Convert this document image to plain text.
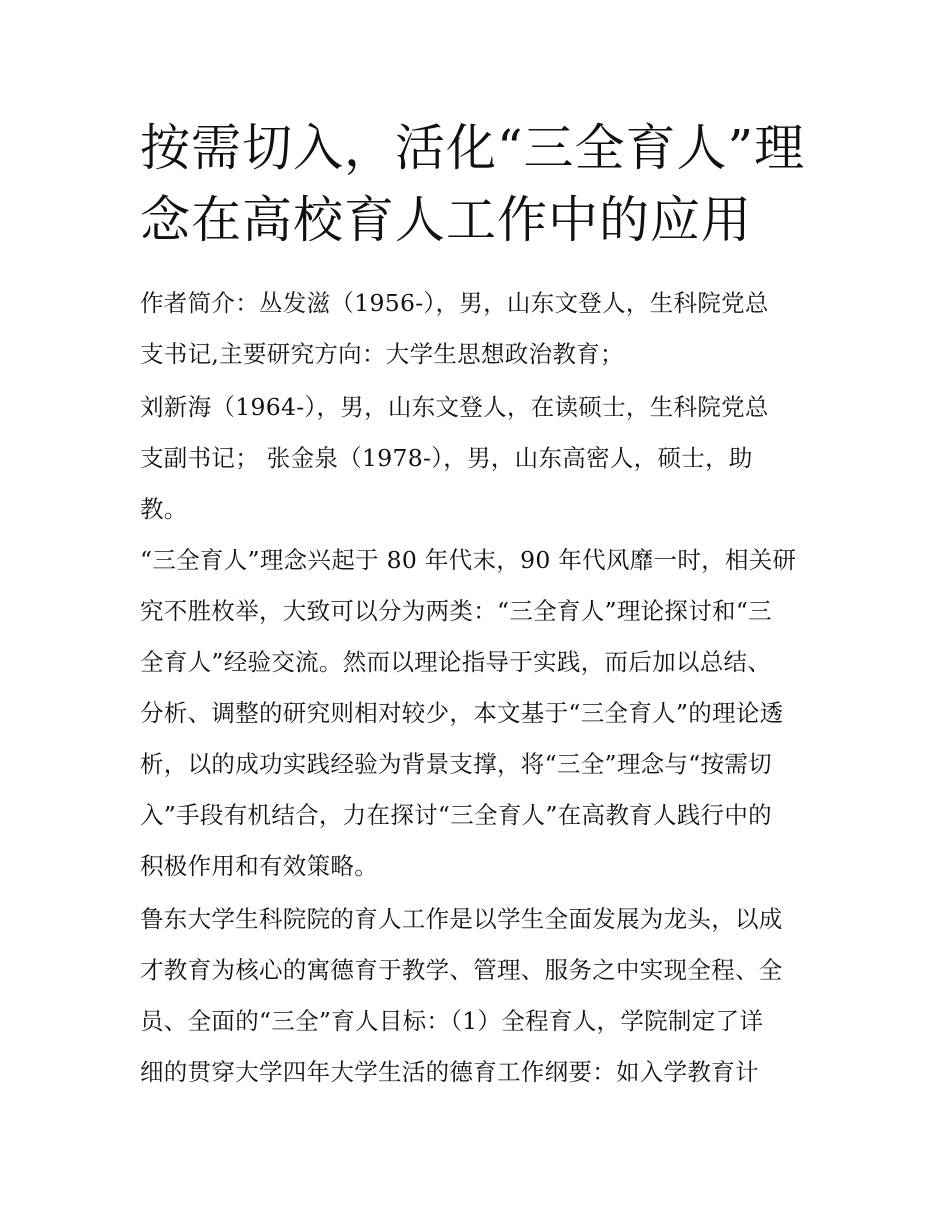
按需切入，活化“三全育人”理
念在高校育人工作中的应用

作者简介：丛发滋（1956-），男，山东文登人，生科院党总
支书记,主要研究方向：大学生思想政治教育；

刘新海（1964-），男，山东文登人，在读硕士，生科院党总
支副书记； 张金泉（1978-），男，山东高密人，硕士，助
教。

“三全育人”理念兴起于 80 年代末，90 年代风靡一时，相关研
究不胜枚举，大致可以分为两类：“三全育人”理论探讨和“三
全育人”经验交流。然而以理论指导于实践，而后加以总结、
分析、调整的研究则相对较少，本文基于“三全育人”的理论透
析，以的成功实践经验为背景支撑，将“三全”理念与“按需切
入”手段有机结合，力在探讨“三全育人”在高教育人践行中的
积极作用和有效策略。

鲁东大学生科院院的育人工作是以学生全面发展为龙头，以成
才教育为核心的寓德育于教学、管理、服务之中实现全程、全
员、全面的“三全”育人目标：（1）全程育人，学院制定了详
细的贯穿大学四年大学生活的德育工作纲要：如入学教育计
